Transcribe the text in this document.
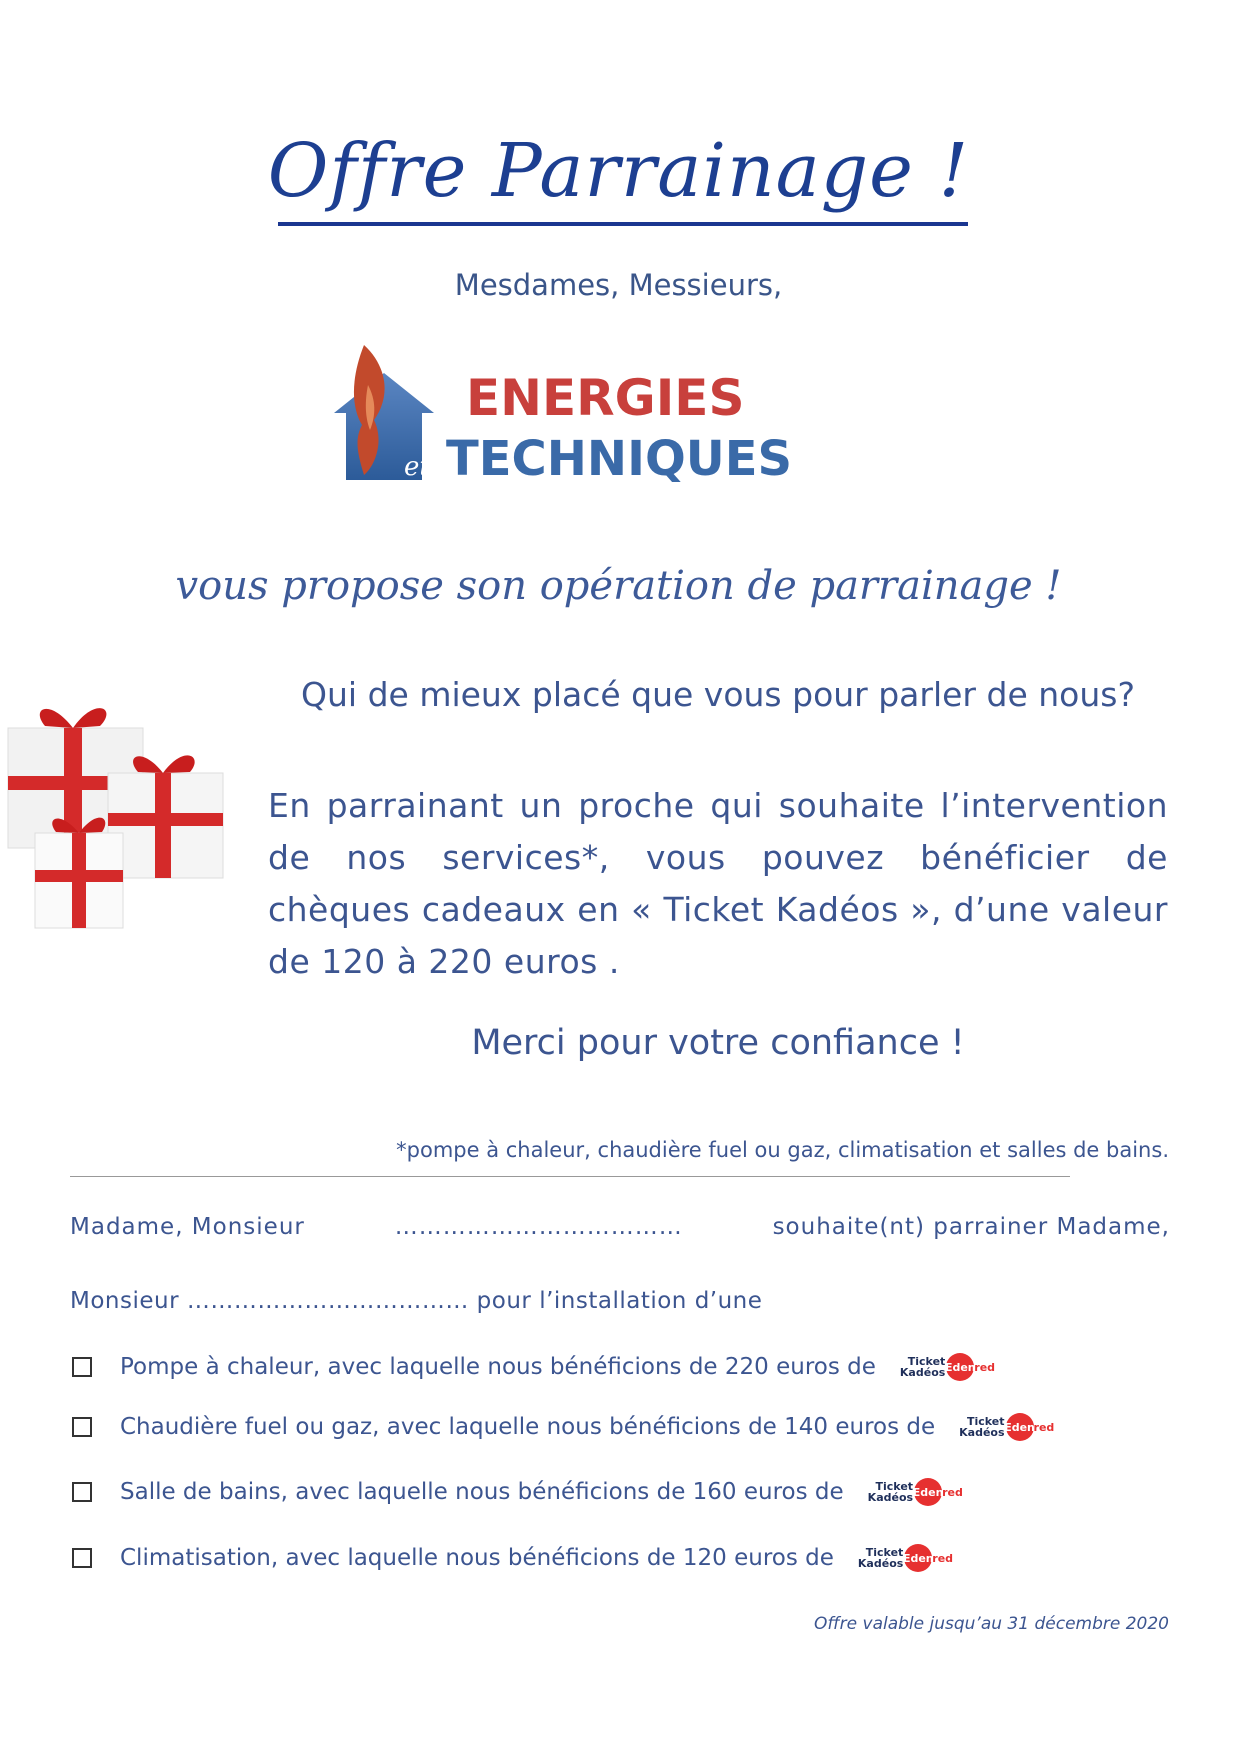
Offre Parrainage !
Mesdames, Messieurs,
et
ENERGIES
TECHNIQUES
vous propose son opération de parrainage !
Qui de mieux placé que vous pour parler de nous?
En parrainant un proche qui souhaite l’intervention de nos services*, vous pouvez bénéficier de chèques cadeaux en « Ticket Kadéos », d’une valeur de 120 à 220 euros .
Merci pour votre confiance !
*pompe à chaleur, chaudière fuel ou gaz, climatisation et salles de bains.
Madame, Monsieur	………………………………	souhaite(nt) parrainer Madame,
Monsieur ……………………………… pour l’installation d’une
Pompe à chaleur, avec laquelle nous bénéficions de 220 euros de	Ticket
Kadéos Eden
red
Chaudière fuel ou gaz, avec laquelle nous bénéficions de 140 euros de	Ticket
Kadéos Eden
red
Salle de bains, avec laquelle nous bénéficions de 160 euros de	Ticket
Kadéos Eden
red
Climatisation, avec laquelle nous bénéficions de 120 euros de	Ticket
Kadéos Eden
red
Offre valable jusqu’au 31 décembre 2020
